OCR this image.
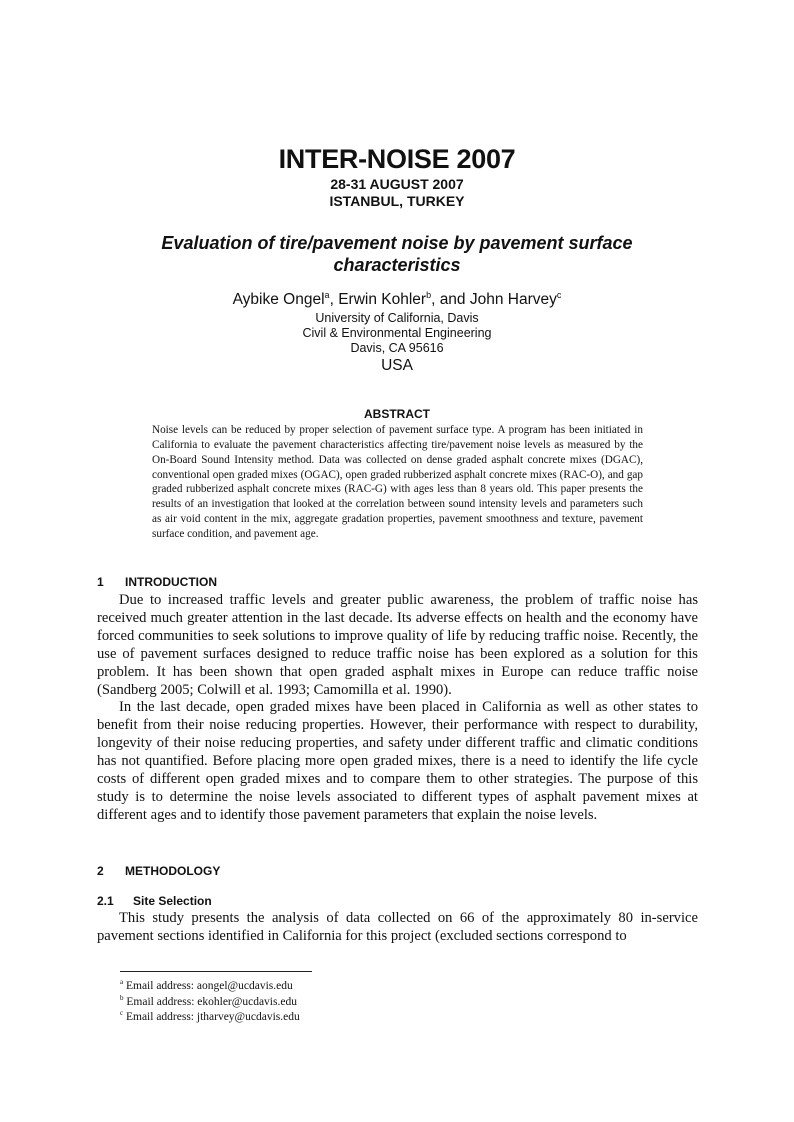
INTER-NOISE 2007
28-31 AUGUST 2007
ISTANBUL, TURKEY
Evaluation of tire/pavement noise by pavement surface characteristics
Aybike Ongel$^a$, Erwin Kohler$^b$, and John Harvey$^c$
University of California, Davis
Civil & Environmental Engineering
Davis, CA 95616
USA
ABSTRACT
Noise levels can be reduced by proper selection of pavement surface type. A program has been initiated in California to evaluate the pavement characteristics affecting tire/pavement noise levels as measured by the On-Board Sound Intensity method. Data was collected on dense graded asphalt concrete mixes (DGAC), conventional open graded mixes (OGAC), open graded rubberized asphalt concrete mixes (RAC-O), and gap graded rubberized asphalt concrete mixes (RAC-G) with ages less than 8 years old. This paper presents the results of an investigation that looked at the correlation between sound intensity levels and parameters such as air void content in the mix, aggregate gradation properties, pavement smoothness and texture, pavement surface condition, and pavement age.
1 INTRODUCTION

Due to increased traffic levels and greater public awareness, the problem of traffic noise has received much greater attention in the last decade. Its adverse effects on health and the economy have forced communities to seek solutions to improve quality of life by reducing traffic noise. Recently, the use of pavement surfaces designed to reduce traffic noise has been explored as a solution for this problem. It has been shown that open graded asphalt mixes in Europe can reduce traffic noise (Sandberg 2005; Colwill et al. 1993; Camomilla et al. 1990).

In the last decade, open graded mixes have been placed in California as well as other states to benefit from their noise reducing properties. However, their performance with respect to durability, longevity of their noise reducing properties, and safety under different traffic and climatic conditions has not quantified. Before placing more open graded mixes, there is a need to identify the life cycle costs of different open graded mixes and to compare them to other strategies. The purpose of this study is to determine the noise levels associated to different types of asphalt pavement mixes at different ages and to identify those pavement parameters that explain the noise levels.

2 METHODOLOGY
2.1 Site Selection

This study presents the analysis of data collected on 66 of the approximately 80 in-service pavement sections identified in California for this project (excluded sections correspond to

$^a$ Email address: aongel@ucdavis.edu
$^b$ Email address: ekohler@ucdavis.edu
$^c$ Email address: jtharvey@ucdavis.edu
